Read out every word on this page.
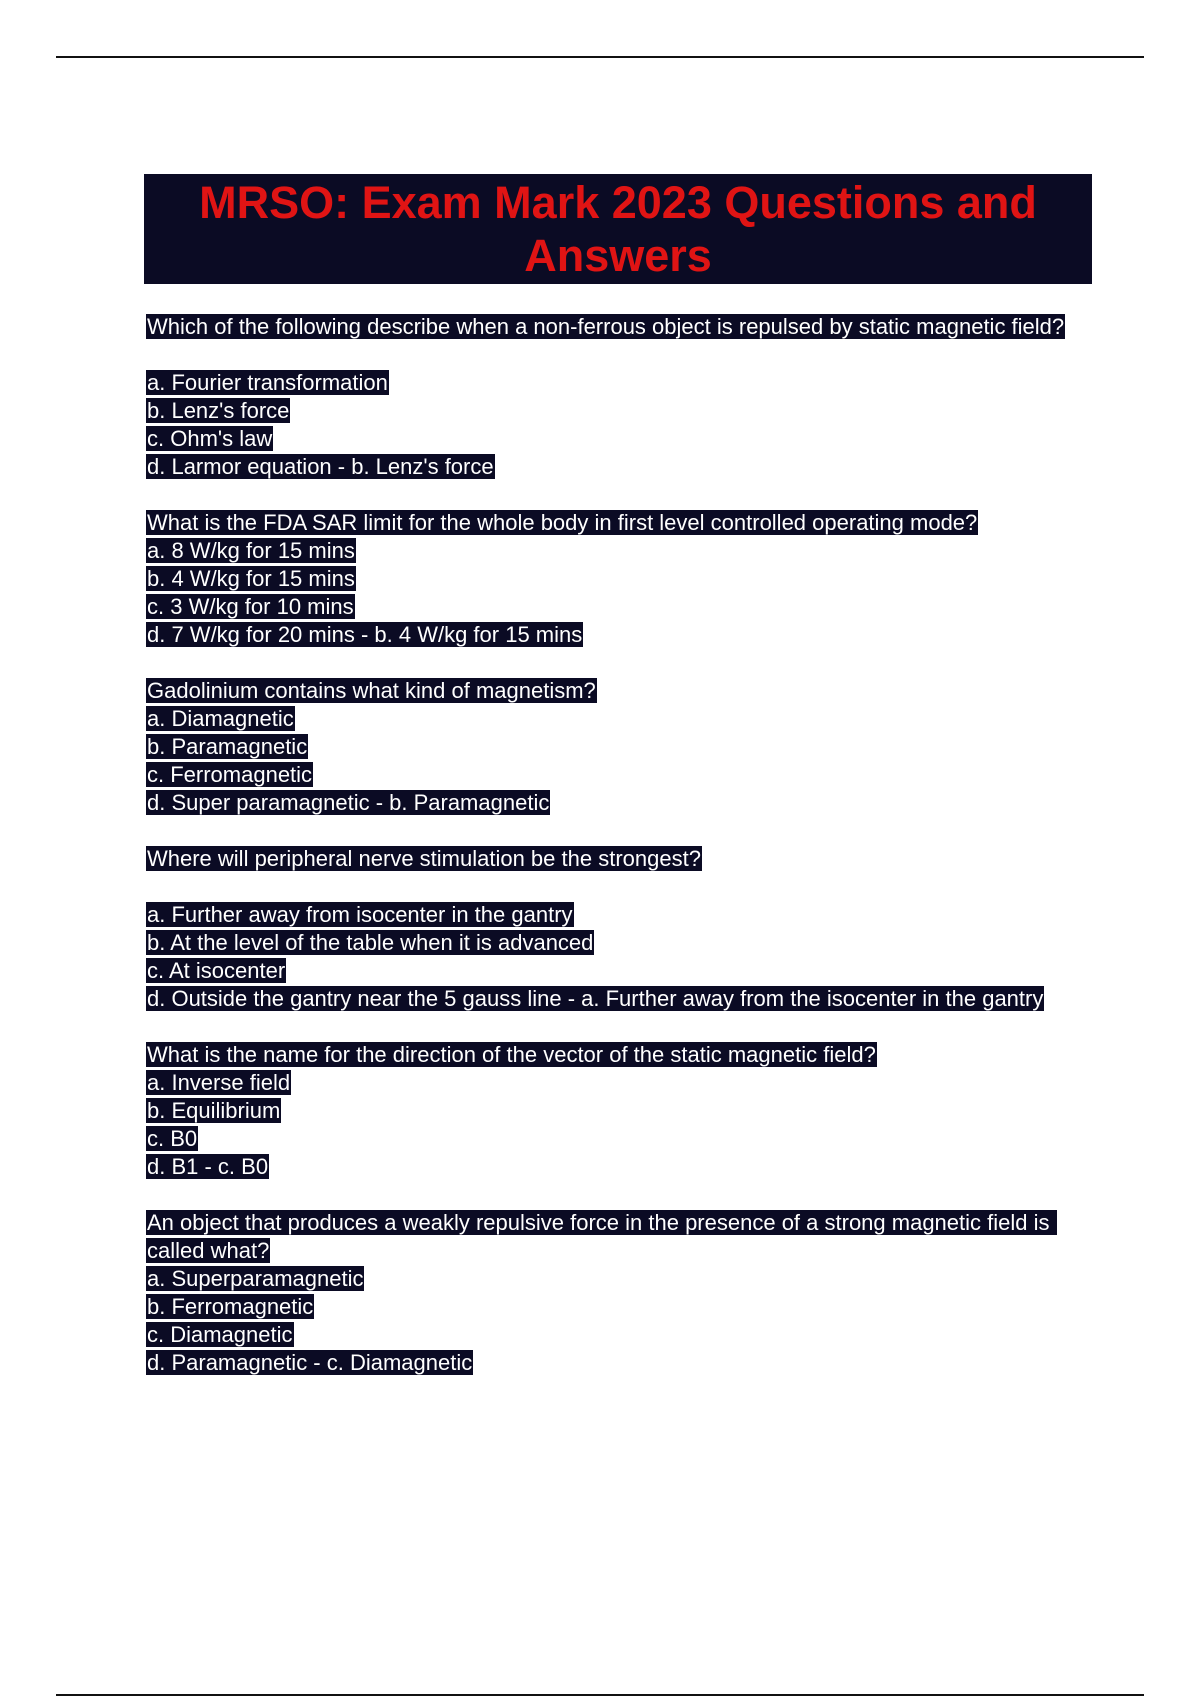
MRSO: Exam Mark 2023 Questions and Answers
Which of the following describe when a non-ferrous object is repulsed by static magnetic field?
a. Fourier transformation
b. Lenz's force
c. Ohm's law
d. Larmor equation - b. Lenz's force
What is the FDA SAR limit for the whole body in first level controlled operating mode?
a. 8 W/kg for 15 mins
b. 4 W/kg for 15 mins
c. 3 W/kg for 10 mins
d. 7 W/kg for 20 mins - b. 4 W/kg for 15 mins
Gadolinium contains what kind of magnetism?
a. Diamagnetic
b. Paramagnetic
c. Ferromagnetic
d. Super paramagnetic - b. Paramagnetic
Where will peripheral nerve stimulation be the strongest?
a. Further away from isocenter in the gantry
b. At the level of the table when it is advanced
c. At isocenter
d. Outside the gantry near the 5 gauss line - a. Further away from the isocenter in the gantry
What is the name for the direction of the vector of the static magnetic field?
a. Inverse field
b. Equilibrium
c. B0
d. B1 - c. B0
An object that produces a weakly repulsive force in the presence of a strong magnetic field is called what?
a. Superparamagnetic
b. Ferromagnetic
c. Diamagnetic
d. Paramagnetic - c. Diamagnetic
